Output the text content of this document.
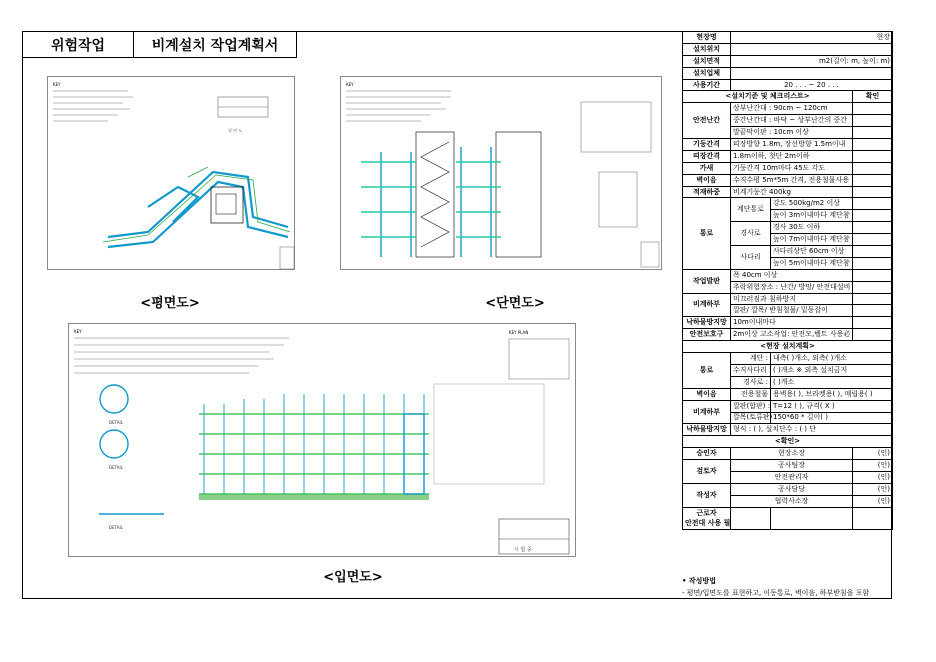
위험작업	비계설치 작업계획서
KEY
평 면 도
<평면도>
KEY
<단면도>
KEY	KEY PLAN
DETAIL
DETAIL
DETAIL
시 험 중
<입면도>
현장명	현장		
설치위치			
설치면적	m2(길이: m, 높이: m)		
설치업체			
사용기간	20 . . . ~ 20 . . .		
<설치기준 및 체크리스트>			확인
안전난간	상부난간대 : 90cm ~ 120cm		
	중간난간대 : 바닥 ~ 상부난간의 중간		
	발끝막이판 : 10cm 이상		
기둥간격	띠장방향 1.8m, 장선방향 1.5m이내		
띠장간격	1.8m이하, 첫단 2m이하		
가새	기둥간격 10m마다 45도 각도		
벽이음	수직수평 5m*5m 간격, 전용철물사용		
적재하중	비계기둥간 400kg		
통로	계단통로	강도 500kg/m2 이상	
		높이 3m이내마다 계단참	
	경사로	경사 30도 이하	
		높이 7m이내마다 계단참	
	사다리	사다리상단 60cm 이상	
		높이 5m이내마다 계단참	
작업발판	폭 40cm 이상		
	추락위험장소 : 난간/ 방망/ 안전대설비		
비계하부	미끄러짐과 침하방지		
	깔판/ 깔목/ 받침철물/ 밑둥잡이		
낙하물방지망	10m이내마다		
안전보호구	2m이상 고소작업: 안전모,벨트 사용必		
<현장 설치계획>			
통로	계단 :	내측( )개소, 외측( )개소	
	수직사다리 :	( )개소 ※ 외측 설치금지	
	경사로 :	( )개소	
벽이음	전용철물	용벽용( ), 브라켓용( ), 매립용( )	
비계하부	깔판(합판) :	T=12 ( ), 규격( X )	
	깔목(토류판) :	150*60 * 길이( )	
낙하물방지망	형식 : ( ), 설치단수 : ( ) 단		
<확인>			
승인자	현장소장		(인)
검토자	공사팀장		(인)
	안전관리자		(인)
작성자	공사담당		(인)
	협력사소장		(인)
근로자			
안전대 사용 필			
• 작성방법
- 평면/입면도를 표현하고, 이동통로, 벽이음, 하부받침을 포함
